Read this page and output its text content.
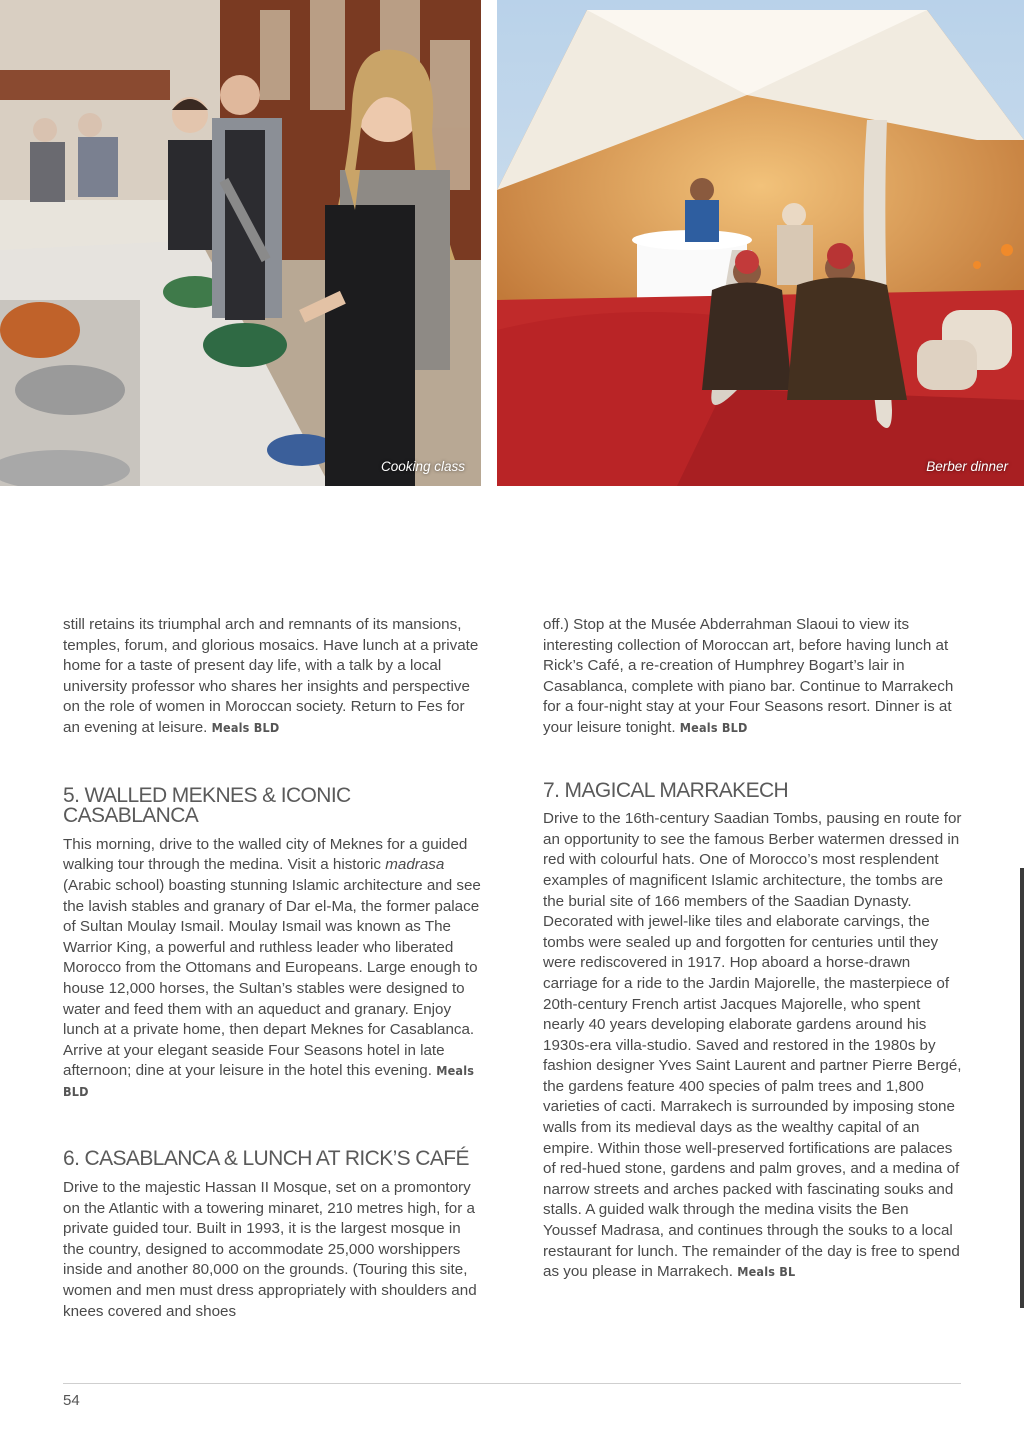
Cooking class	Berber dinner

still retains its triumphal arch and remnants of its mansions, temples, forum, and glorious mosaics. Have lunch at a private home for a taste of present day life, with a talk by a local university professor who shares her insights and perspective on the role of women in Moroccan society. Return to Fes for an evening at leisure. Meals BLD

5. WALLED MEKNES & ICONIC CASABLANCA

This morning, drive to the walled city of Meknes for a guided walking tour through the medina. Visit a historic madrasa (Arabic school) boasting stunning Islamic architecture and see the lavish stables and granary of Dar el-Ma, the former palace of Sultan Moulay Ismail. Moulay Ismail was known as The Warrior King, a powerful and ruthless leader who liberated Morocco from the Ottomans and Europeans. Large enough to house 12,000 horses, the Sultan’s stables were designed to water and feed them with an aqueduct and granary. Enjoy lunch at a private home, then depart Meknes for Casablanca. Arrive at your elegant seaside Four Seasons hotel in late afternoon; dine at your leisure in the hotel this evening. Meals BLD

6. CASABLANCA & LUNCH AT RICK’S CAFÉ

Drive to the majestic Hassan II Mosque, set on a promontory on the Atlantic with a towering minaret, 210 metres high, for a private guided tour. Built in 1993, it is the largest mosque in the country, designed to accommodate 25,000 worshippers inside and another 80,000 on the grounds. (Touring this site, women and men must dress appropriately with shoulders and knees covered and shoes

off.) Stop at the Musée Abderrahman Slaoui to view its interesting collection of Moroccan art, before having lunch at Rick’s Café, a re-creation of Humphrey Bogart’s lair in Casablanca, complete with piano bar. Continue to Marrakech for a four-night stay at your Four Seasons resort. Dinner is at your leisure tonight. Meals BLD

7. MAGICAL MARRAKECH

Drive to the 16th-century Saadian Tombs, pausing en route for an opportunity to see the famous Berber watermen dressed in red with colourful hats. One of Morocco’s most resplendent examples of magnificent Islamic architecture, the tombs are the burial site of 166 members of the Saadian Dynasty. Decorated with jewel-like tiles and elaborate carvings, the tombs were sealed up and forgotten for centuries until they were rediscovered in 1917. Hop aboard a horse-drawn carriage for a ride to the Jardin Majorelle, the masterpiece of 20th-century French artist Jacques Majorelle, who spent nearly 40 years developing elaborate gardens around his 1930s-era villa-studio. Saved and restored in the 1980s by fashion designer Yves Saint Laurent and partner Pierre Bergé, the gardens feature 400 species of palm trees and 1,800 varieties of cacti. Marrakech is surrounded by imposing stone walls from its medieval days as the wealthy capital of an empire. Within those well-preserved fortifications are palaces of red-hued stone, gardens and palm groves, and a medina of narrow streets and arches packed with fascinating souks and stalls. A guided walk through the medina visits the Ben Youssef Madrasa, and continues through the souks to a local restaurant for lunch. The remainder of the day is free to spend as you please in Marrakech. Meals BL

54
